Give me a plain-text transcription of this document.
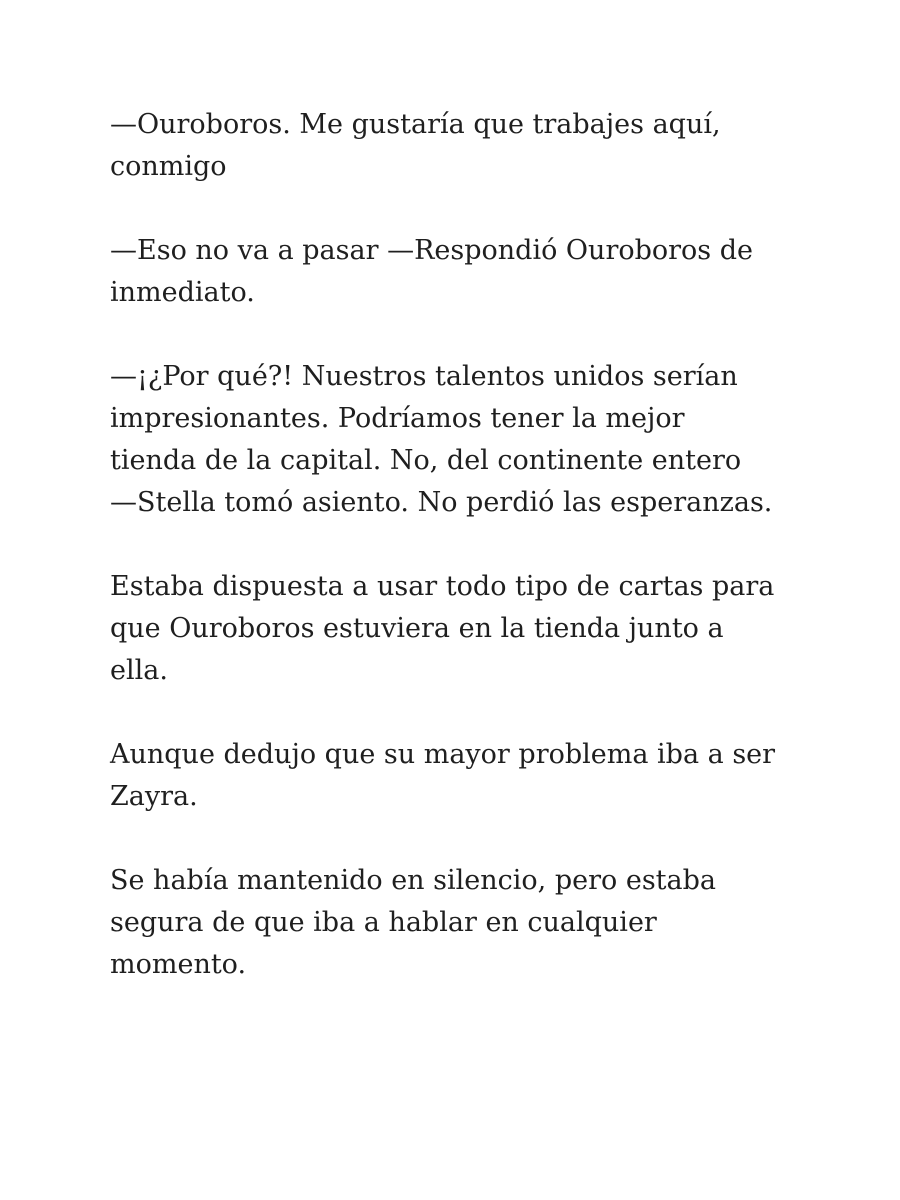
—Ouroboros. Me gustaría que trabajes aquí,
conmigo

—Eso no va a pasar —Respondió Ouroboros de
inmediato.

—¡¿Por qué?! Nuestros talentos unidos serían
impresionantes. Podríamos tener la mejor
tienda de la capital. No, del continente entero
—Stella tomó asiento. No perdió las esperanzas.

Estaba dispuesta a usar todo tipo de cartas para
que Ouroboros estuviera en la tienda junto a
ella.

Aunque dedujo que su mayor problema iba a ser
Zayra.

Se había mantenido en silencio, pero estaba
segura de que iba a hablar en cualquier
momento.
